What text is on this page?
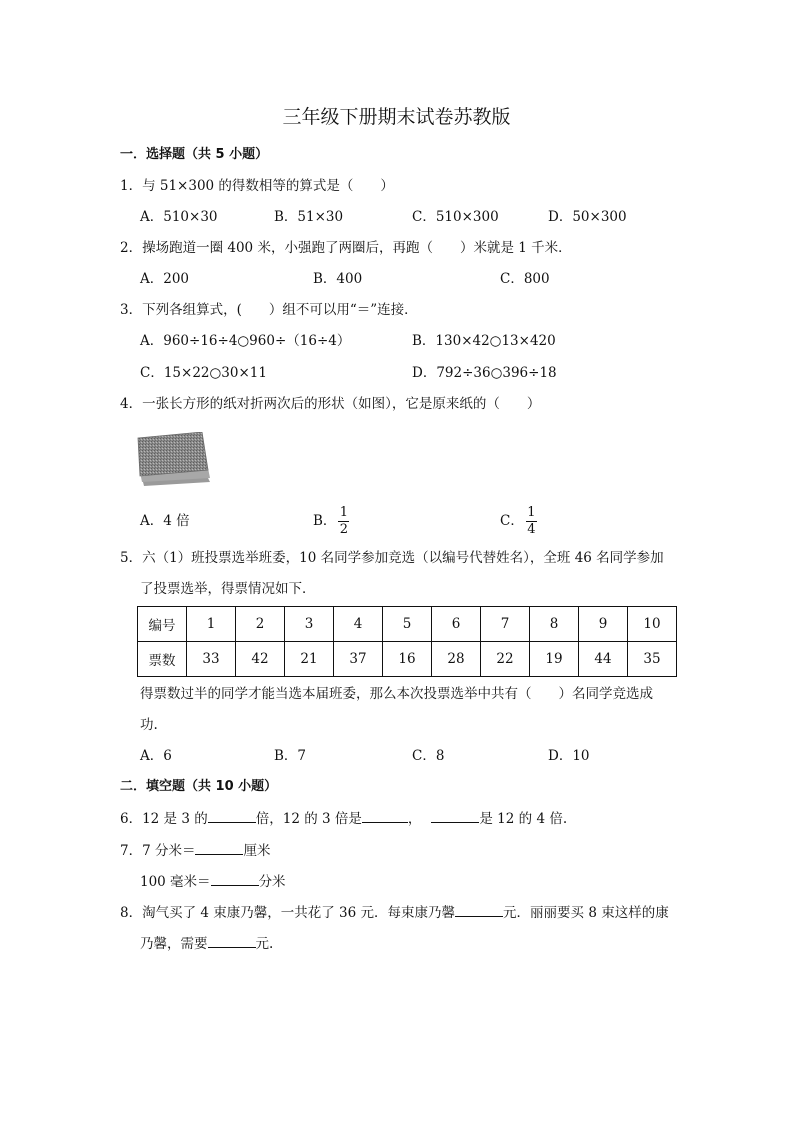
三年级下册期末试卷苏教版
一．选择题（共 5 小题）
1．与 51×300 的得数相等的算式是（　　）
A．510×30	B．51×30	C．510×300	D．50×300
2．操场跑道一圈 400 米，小强跑了两圈后，再跑（　　）米就是 1 千米．
A．200	B．400	C．800
3．下列各组算式，(　　）组不可以用“＝”连接．
A．960÷16÷4○960÷（16÷4）	B．130×42○13×420
C．15×22○30×11	D．792÷36○396÷18
4．一张长方形的纸对折两次后的形状（如图），它是原来纸的（　　）
A．4 倍	B． $\frac{1}{2}$	C． $\frac{1}{4}$
5．六（1）班投票选举班委，10 名同学参加竞选（以编号代替姓名），全班 46 名同学参加
了投票选举，得票情况如下．
编号	1	2	3	4	5	6	7	8	9	10
票数	33	42	21	37	16	28	22	19	44	35
得票数过半的同学才能当选本届班委，那么本次投票选举中共有（　　）名同学竞选成
功.
A．6	B．7	C．8	D．10
二．填空题（共 10 小题）
6．12 是 3 的	倍，12 的 3 倍是	，	是 12 的 4 倍.
7．7 分米＝	厘米
100 毫米＝	分米
8．淘气买了 4 束康乃馨，一共花了 36 元．每束康乃馨	元．丽丽要买 8 束这样的康
乃馨，需要	元.
